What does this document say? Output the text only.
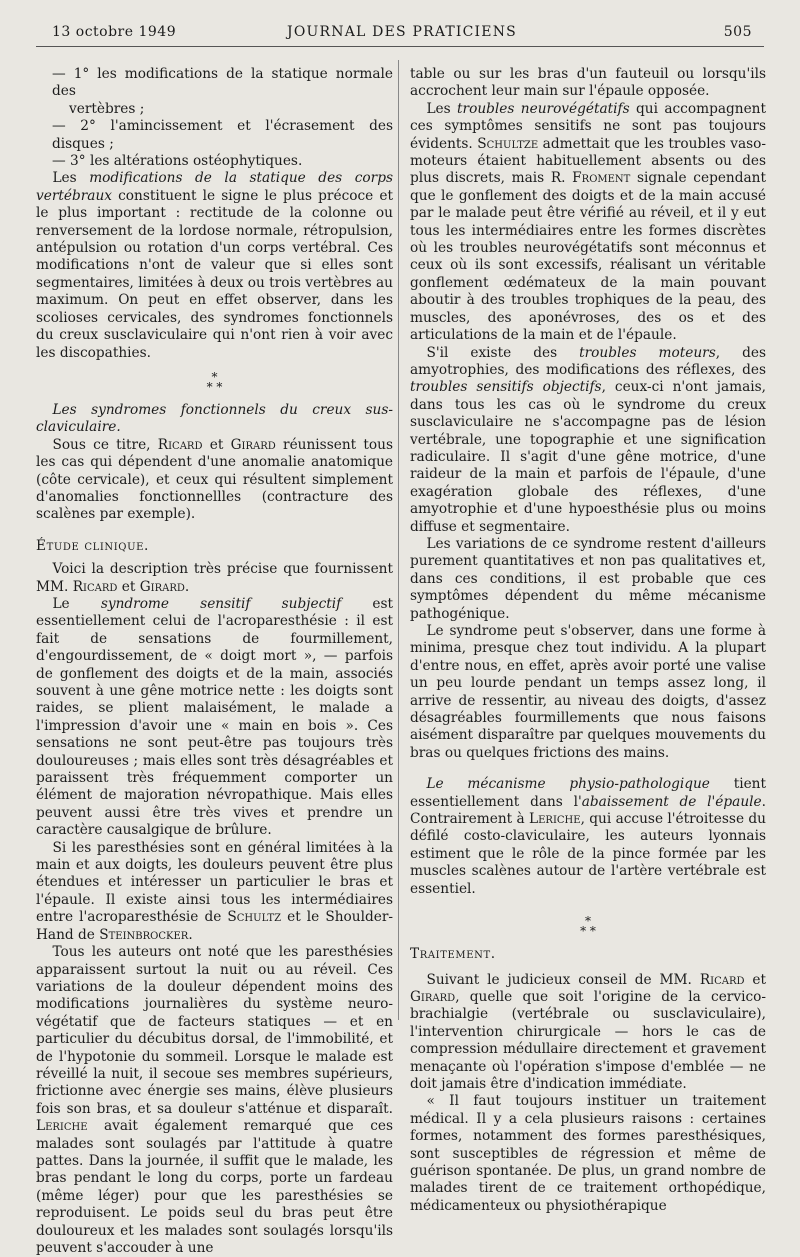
13 octobre 1949	JOURNAL DES PRATICIENS	505

— 1° les modifications de la statique normale des
vertèbres ;

— 2° l'amincissement et l'écrasement des disques ;

— 3° les altérations ostéophytiques.

Les modifications de la statique des corps vertébraux constituent le signe le plus précoce et le plus important : rectitude de la colonne ou renversement de la lordose normale, rétropulsion, antépulsion ou rotation d'un corps vertébral. Ces modifications n'ont de valeur que si elles sont segmentaires, limitées à deux ou trois vertèbres au maximum. On peut en effet observer, dans les scolioses cervicales, des syndromes fonctionnels du creux susclaviculaire qui n'ont rien à voir avec les discopathies.

*
* *

Les syndromes fonctionnels du creux sus-claviculaire.

Sous ce titre, Ricard et Girard réunissent tous les cas qui dépendent d'une anomalie anatomique (côte cervicale), et ceux qui résultent simplement d'anomalies fonctionnellles (contracture des scalènes par exemple).

Étude clinique.

Voici la description très précise que fournissent MM. Ricard et Girard.

Le syndrome sensitif subjectif est essentiellement celui de l'acroparesthésie : il est fait de sensations de fourmillement, d'engourdissement, de « doigt mort », — parfois de gonflement des doigts et de la main, associés souvent à une gêne motrice nette : les doigts sont raides, se plient malaisément, le malade a l'impression d'avoir une « main en bois ». Ces sensations ne sont peut-être pas toujours très douloureuses ; mais elles sont très désagréables et paraissent très fréquemment comporter un élément de majoration névropathique. Mais elles peuvent aussi être très vives et prendre un caractère causalgique de brûlure.

Si les paresthésies sont en général limitées à la main et aux doigts, les douleurs peuvent être plus étendues et intéresser un particulier le bras et l'épaule. Il existe ainsi tous les intermédiaires entre l'acroparesthésie de Schultz et le Shoulder-Hand de Steinbrocker.

Tous les auteurs ont noté que les paresthésies apparaissent surtout la nuit ou au réveil. Ces variations de la douleur dépendent moins des modifications journalières du système neuro-végétatif que de facteurs statiques — et en particulier du décubitus dorsal, de l'immobilité, et de l'hypotonie du sommeil. Lorsque le malade est réveillé la nuit, il secoue ses membres supérieurs, frictionne avec énergie ses mains, élève plusieurs fois son bras, et sa douleur s'atténue et disparaît. Leriche avait également remarqué que ces malades sont soulagés par l'attitude à quatre pattes. Dans la journée, il suffit que le malade, les bras pendant le long du corps, porte un fardeau (même léger) pour que les paresthésies se reproduisent. Le poids seul du bras peut être douloureux et les malades sont soulagés lorsqu'ils peuvent s'accouder à une

table ou sur les bras d'un fauteuil ou lorsqu'ils accrochent leur main sur l'épaule opposée.

Les troubles neurovégétatifs qui accompagnent ces symptômes sensitifs ne sont pas toujours évidents. Schultze admettait que les troubles vaso-moteurs étaient habituellement absents ou des plus discrets, mais R. Froment signale cependant que le gonflement des doigts et de la main accusé par le malade peut être vérifié au réveil, et il y eut tous les intermédiaires entre les formes discrètes où les troubles neurovégétatifs sont méconnus et ceux où ils sont excessifs, réalisant un véritable gonflement œdémateux de la main pouvant aboutir à des troubles trophiques de la peau, des muscles, des aponévroses, des os et des articulations de la main et de l'épaule.

S'il existe des troubles moteurs, des amyotrophies, des modifications des réflexes, des troubles sensitifs objectifs, ceux-ci n'ont jamais, dans tous les cas où le syndrome du creux susclaviculaire ne s'accompagne pas de lésion vertébrale, une topographie et une signification radiculaire. Il s'agit d'une gêne motrice, d'une raideur de la main et parfois de l'épaule, d'une exagération globale des réflexes, d'une amyotrophie et d'une hypoesthésie plus ou moins diffuse et segmentaire.

Les variations de ce syndrome restent d'ailleurs purement quantitatives et non pas qualitatives et, dans ces conditions, il est probable que ces symptômes dépendent du même mécanisme pathogénique.

Le syndrome peut s'observer, dans une forme à minima, presque chez tout individu. A la plupart d'entre nous, en effet, après avoir porté une valise un peu lourde pendant un temps assez long, il arrive de ressentir, au niveau des doigts, d'assez désagréables fourmillements que nous faisons aisément disparaître par quelques mouvements du bras ou quelques frictions des mains.

Le mécanisme physio-pathologique tient essentiellement dans l'abaissement de l'épaule. Contrairement à Leriche, qui accuse l'étroitesse du défilé costo-claviculaire, les auteurs lyonnais estiment que le rôle de la pince formée par les muscles scalènes autour de l'artère vertébrale est essentiel.

*
* *

Traitement.

Suivant le judicieux conseil de MM. Ricard et Girard, quelle que soit l'origine de la cervico-brachialgie (vertébrale ou susclaviculaire), l'intervention chirurgicale — hors le cas de compression médullaire directement et gravement menaçante où l'opération s'impose d'emblée — ne doit jamais être d'indication immédiate.

« Il faut toujours instituer un traitement médical. Il y a cela plusieurs raisons : certaines formes, notamment des formes paresthésiques, sont susceptibles de régression et même de guérison spontanée. De plus, un grand nombre de malades tirent de ce traitement orthopédique, médicamenteux ou physiothérapique
